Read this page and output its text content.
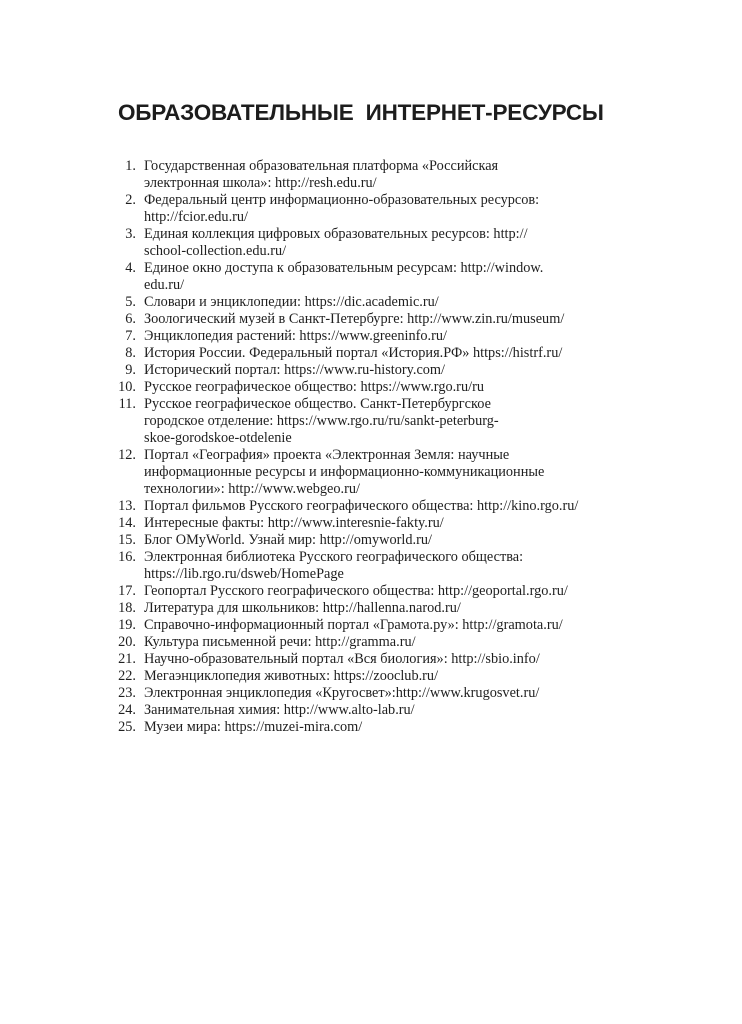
ОБРАЗОВАТЕЛЬНЫЕ  ИНТЕРНЕТ-РЕСУРСЫ
1. Государственная образовательная платформа «Российская
электронная школа»: http://resh.edu.ru/
2. Федеральный центр информационно-образовательных ресурсов:
http://fcior.edu.ru/
3. Единая коллекция цифровых образовательных ресурсов: http://
school-collection.edu.ru/
4. Единое окно доступа к образовательным ресурсам: http://window.
edu.ru/
5. Словари и энциклопедии: https://dic.academic.ru/
6. Зоологический музей в Санкт-Петербурге: http://www.zin.ru/museum/
7. Энциклопедия растений: https://www.greeninfo.ru/
8. История России. Федеральный портал «История.РФ» https://histrf.ru/
9. Исторический портал: https://www.ru-history.com/
10. Русское географическое общество: https://www.rgo.ru/ru
11. Русское географическое общество. Санкт-Петербургское
городское отделение: https://www.rgo.ru/ru/sankt-peterburg-
skoe-gorodskoe-otdelenie
12. Портал «География» проекта «Электронная Земля: научные
информационные ресурсы и информационно-коммуникационные
технологии»: http://www.webgeo.ru/
13. Портал фильмов Русского географического общества: http://kino.rgo.ru/
14. Интересные факты: http://www.interesnie-fakty.ru/
15. Блог OMyWorld. Узнай мир: http://omyworld.ru/
16. Электронная библиотека Русского географического общества:
https://lib.rgo.ru/dsweb/HomePage
17. Геопортал Русского географического общества: http://geoportal.rgo.ru/
18. Литература для школьников: http://hallenna.narod.ru/
19. Справочно-информационный портал «Грамота.ру»: http://gramota.ru/
20. Культура письменной речи: http://gramma.ru/
21. Научно-образовательный портал «Вся биология»: http://sbio.info/
22. Мегаэнциклопедия животных: https://zooclub.ru/
23. Электронная энциклопедия «Кругосвет»:http://www.krugosvet.ru/
24. Занимательная химия: http://www.alto-lab.ru/
25. Музеи мира: https://muzei-mira.com/
